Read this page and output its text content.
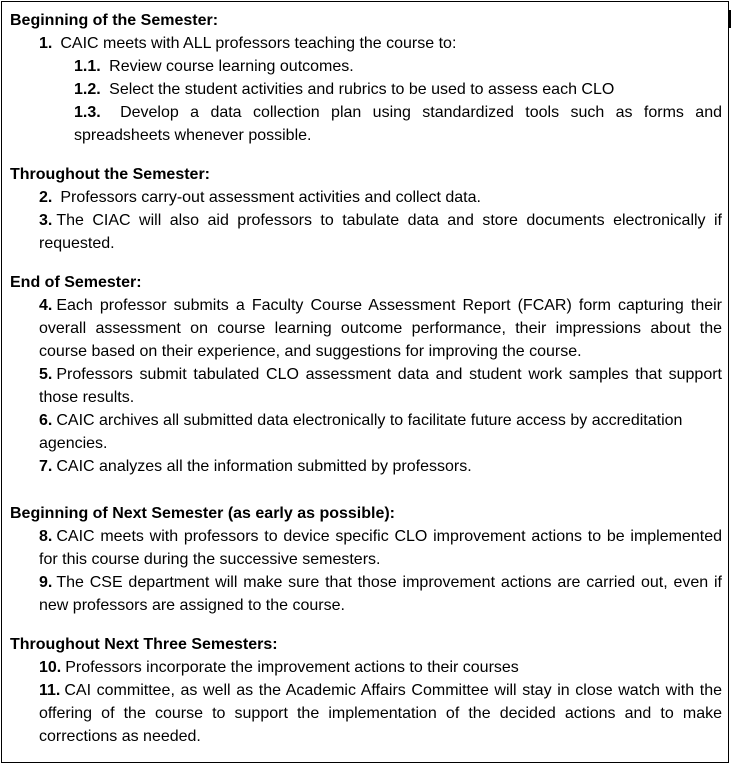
Beginning of the Semester:
1. CAIC meets with ALL professors teaching the course to:
1.1. Review course learning outcomes.
1.2. Select the student activities and rubrics to be used to assess each CLO
1.3. Develop a data collection plan using standardized tools such as forms and spreadsheets whenever possible.
Throughout the Semester:
2. Professors carry-out assessment activities and collect data.
3. The CIAC will also aid professors to tabulate data and store documents electronically if requested.
End of Semester:
4. Each professor submits a Faculty Course Assessment Report (FCAR) form capturing their overall assessment on course learning outcome performance, their impressions about the course based on their experience, and suggestions for improving the course.
5. Professors submit tabulated CLO assessment data and student work samples that support those results.
6. CAIC archives all submitted data electronically to facilitate future access by accreditation agencies.
7. CAIC analyzes all the information submitted by professors.
Beginning of Next Semester (as early as possible):
8. CAIC meets with professors to device specific CLO improvement actions to be implemented for this course during the successive semesters.
9. The CSE department will make sure that those improvement actions are carried out, even if new professors are assigned to the course.
Throughout Next Three Semesters:
10. Professors incorporate the improvement actions to their courses
11. CAI committee, as well as the Academic Affairs Committee will stay in close watch with the offering of the course to support the implementation of the decided actions and to make corrections as needed.
